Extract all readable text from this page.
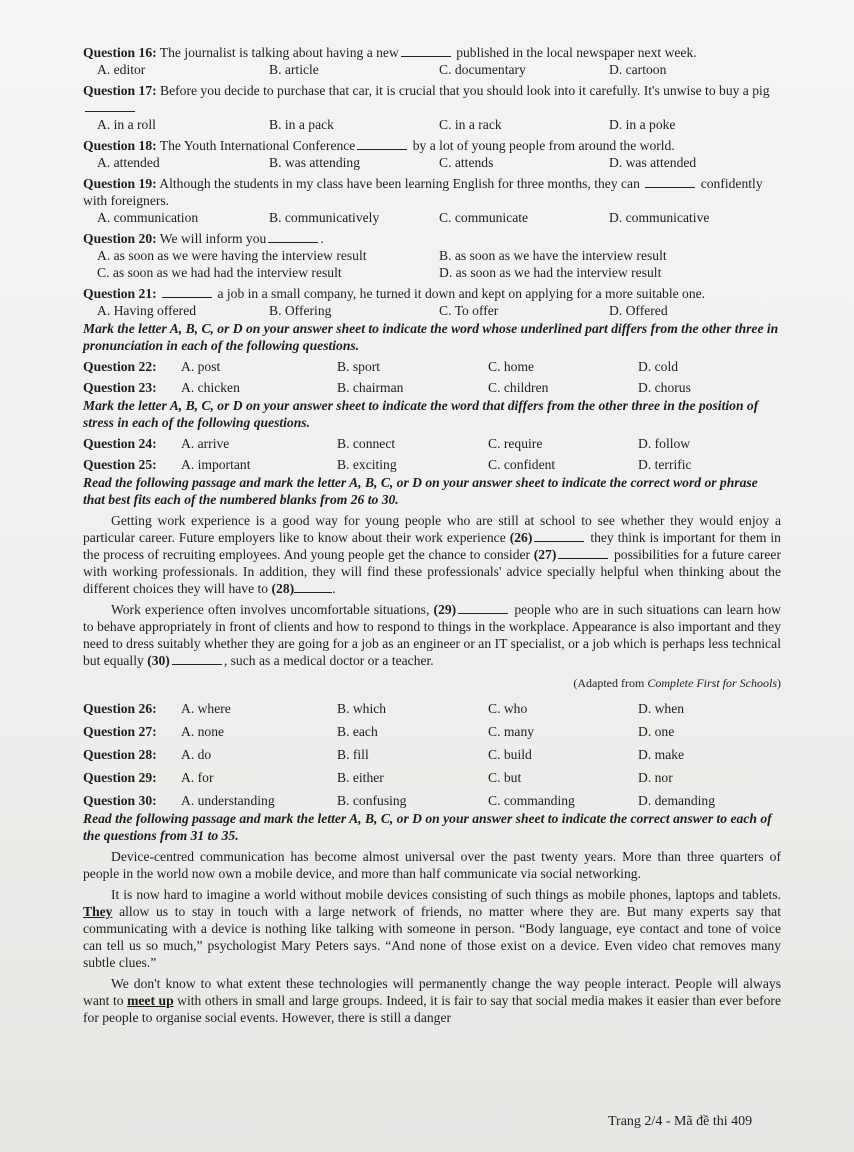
Question 16: The journalist is talking about having a new	published in the local newspaper next week.
A. editor	B. article	C. documentary	D. cartoon
Question 17: Before you decide to purchase that car, it is crucial that you should look into it carefully. It's unwise to buy a pig
A. in a roll	B. in a pack	C. in a rack	D. in a poke
Question 18: The Youth International Conference	by a lot of young people from around the world.
A. attended	B. was attending	C. attends	D. was attended
Question 19: Although the students in my class have been learning English for three months, they can	confidently with foreigners.
A. communication	B. communicatively	C. communicate	D. communicative
Question 20: We will inform you	.
A. as soon as we were having the interview result	B. as soon as we have the interview result
C. as soon as we had had the interview result	D. as soon as we had the interview result
Question 21:	a job in a small company, he turned it down and kept on applying for a more suitable one.
A. Having offered	B. Offering	C. To offer	D. Offered
Mark the letter A, B, C, or D on your answer sheet to indicate the word whose underlined part differs from the other three in pronunciation in each of the following questions.
Question 22:	A. post	B. sport	C. home	D. cold
Question 23:	A. chicken	B. chairman	C. children	D. chorus
Mark the letter A, B, C, or D on your answer sheet to indicate the word that differs from the other three in the position of stress in each of the following questions.
Question 24:	A. arrive	B. connect	C. require	D. follow
Question 25:	A. important	B. exciting	C. confident	D. terrific
Read the following passage and mark the letter A, B, C, or D on your answer sheet to indicate the correct word or phrase that best fits each of the numbered blanks from 26 to 30.

Getting work experience is a good way for young people who are still at school to see whether they would enjoy a particular career. Future employers like to know about their work experience (26)	they think is important for them in the process of recruiting employees. And young people get the chance to consider (27)	possibilities for a future career with working professionals. In addition, they will find these professionals' advice specially helpful when thinking about the different choices they will have to (28)	.

Work experience often involves uncomfortable situations, (29)	people who are in such situations can learn how to behave appropriately in front of clients and how to respond to things in the workplace. Appearance is also important and they need to dress suitably whether they are going for a job as an engineer or an IT specialist, or a job which is perhaps less technical but equally (30)	, such as a medical doctor or a teacher.

(Adapted from Complete First for Schools)
Question 26:	A. where	B. which	C. who	D. when
Question 27:	A. none	B. each	C. many	D. one
Question 28:	A. do	B. fill	C. build	D. make
Question 29:	A. for	B. either	C. but	D. nor
Question 30:	A. understanding	B. confusing	C. commanding	D. demanding
Read the following passage and mark the letter A, B, C, or D on your answer sheet to indicate the correct answer to each of the questions from 31 to 35.

Device-centred communication has become almost universal over the past twenty years. More than three quarters of people in the world now own a mobile device, and more than half communicate via social networking.

It is now hard to imagine a world without mobile devices consisting of such things as mobile phones, laptops and tablets. They allow us to stay in touch with a large network of friends, no matter where they are. But many experts say that communicating with a device is nothing like talking with someone in person. “Body language, eye contact and tone of voice can tell us so much,” psychologist Mary Peters says. “And none of those exist on a device. Even video chat removes many subtle clues.”

We don't know to what extent these technologies will permanently change the way people interact. People will always want to meet up with others in small and large groups. Indeed, it is fair to say that social media makes it easier than ever before for people to organise social events. However, there is still a danger

Trang 2/4 - Mã đề thi 409
